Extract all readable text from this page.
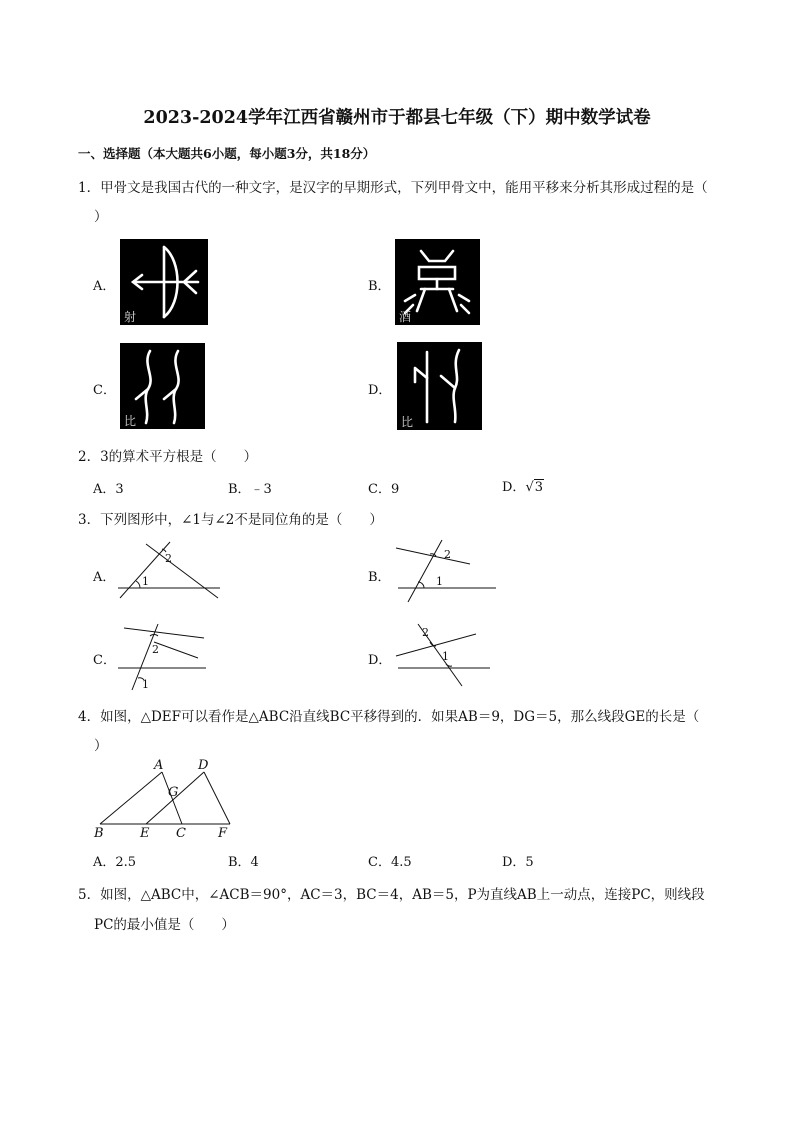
2023-2024学年江西省赣州市于都县七年级（下）期中数学试卷
一、选择题（本大题共6小题，每小题3分，共18分）
1．甲骨文是我国古代的一种文字，是汉字的早期形式，下列甲骨文中，能用平移来分析其形成过程的是（
）
A．
射
B．
酒
C．
比
D．
比
2．3的算术平方根是（　　）
A．3	B．﹣3	C．9	D．√3
3．下列图形中，∠1与∠2不是同位角的是（　　）
A． 1
2
B．
2
1
C．
2
1
D．
2
1
4．如图，△DEF可以看作是△ABC沿直线BC平移得到的．如果AB＝9，DG＝5，那么线段GE的长是（
）
A
B	C
D
E	F
G
A．2.5	B．4	C．4.5	D．5
5．如图，△ABC中，∠ACB＝90°，AC＝3，BC＝4，AB＝5，P为直线AB上一动点，连接PC，则线段
PC的最小值是（　　）
